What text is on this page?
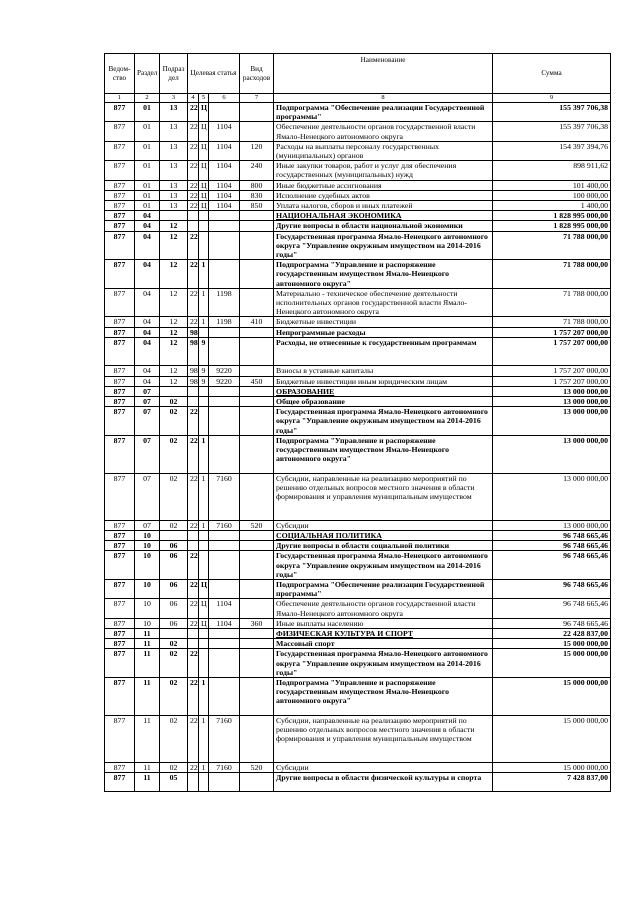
Ведом-ство	Раздел	Подраз дел	Целевая статья			Вид расходов	Наименование	Сумма
1	2	3	4	5	6	7	8	9
877	01	13	22	Ц			Подпрограмма "Обеспечение реализации Государственной программы"	155 397 706,38
877	01	13	22	Ц	1104		Обеспечение деятельности органов государственной власти Ямало-Ненецкого автономного округа	155 397 706,38
877	01	13	22	Ц	1104	120	Расходы на выплаты персоналу государственных (муниципальных) органов	154 397 394,76
877	01	13	22	Ц	1104	240	Иные закупки товаров, работ и услуг для обеспечения государственных (муниципальных) нужд	898 911,62
877	01	13	22	Ц	1104	800	Иные бюджетные ассигнования	101 400,00
877	01	13	22	Ц	1104	830	Исполнение судебных актов	100 000,00
877	01	13	22	Ц	1104	850	Уплата налогов, сборов и иных платежей	1 400,00
877	04						НАЦИОНАЛЬНАЯ ЭКОНОМИКА	1 828 995 000,00
877	04	12					Другие вопросы в области национальной экономики	1 828 995 000,00
877	04	12	22				Государственная программа Ямало-Ненецкого автономного округа "Управление окружным имуществом на 2014-2016 годы"	71 788 000,00
877	04	12	22	1			Подпрограмма "Управление и распоряжение государственным имуществом Ямало-Ненецкого автономного округа"	71 788 000,00
877	04	12	22	1	1198		Материально - техническое обеспечение деятельности исполнительных органов государственной власти Ямало-Ненецкого автономного округа	71 788 000,00
877	04	12	22	1	1198	410	Бюджетные инвестиции	71 788 000,00
877	04	12	98				Непрограммные расходы	1 757 207 000,00
877	04	12	98	9			Расходы, не отнесенные к государственным программам	1 757 207 000,00
877	04	12	98	9	9220		Взносы в уставные капиталы	1 757 207 000,00
877	04	12	98	9	9220	450	Бюджетные инвестиции иным юридическим лицам	1 757 207 000,00
877	07						ОБРАЗОВАНИЕ	13 000 000,00
877	07	02					Общее образование	13 000 000,00
877	07	02	22				Государственная программа Ямало-Ненецкого автономного округа "Управление окружным имуществом на 2014-2016 годы"	13 000 000,00
877	07	02	22	1			Подпрограмма "Управление и распоряжение государственным имуществом Ямало-Ненецкого автономного округа"	13 000 000,00
877	07	02	22	1	7160		Субсидии, направленные на реализацию мероприятий по решению отдельных вопросов местного значения в области формирования и управления муниципальным имуществом	13 000 000,00
877	07	02	22	1	7160	520	Субсидии	13 000 000,00
877	10						СОЦИАЛЬНАЯ ПОЛИТИКА	96 748 665,46
877	10	06					Другие вопросы в области социальной политики	96 748 665,46
877	10	06	22				Государственная программа Ямало-Ненецкого автономного округа "Управление окружным имуществом на 2014-2016 годы"	96 748 665,46
877	10	06	22	Ц			Подпрограмма "Обеспечение реализации Государственной программы"	96 748 665,46
877	10	06	22	Ц	1104		Обеспечение деятельности органов государственной власти Ямало-Ненецкого автономного округа	96 748 665,46
877	10	06	22	Ц	1104	360	Иные выплаты населению	96 748 665,46
877	11						ФИЗИЧЕСКАЯ КУЛЬТУРА И СПОРТ	22 428 837,00
877	11	02					Массовый спорт	15 000 000,00
877	11	02	22				Государственная программа Ямало-Ненецкого автономного округа "Управление окружным имуществом на 2014-2016 годы"	15 000 000,00
877	11	02	22	1			Подпрограмма "Управление и распоряжение государственным имуществом Ямало-Ненецкого автономного округа"	15 000 000,00
877	11	02	22	1	7160		Субсидии, направленные на реализацию мероприятий по решению отдельных вопросов местного значения в области формирования и управления муниципальным имуществом	15 000 000,00
877	11	02	22	1	7160	520	Субсидии	15 000 000,00
877	11	05					Другие вопросы в области физической культуры и спорта	7 428 837,00
